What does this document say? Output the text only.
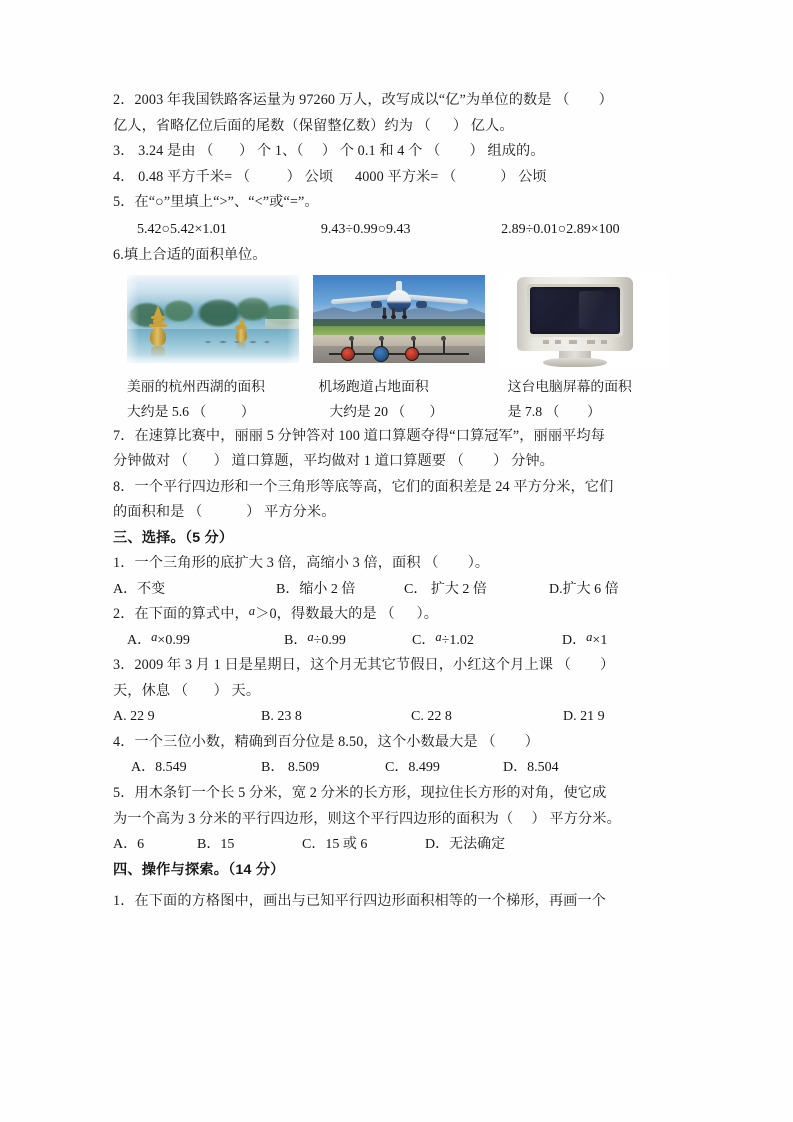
2．2003 年我国铁路客运量为 97260 万人，改写成以“亿”为单位的数是 （        ）
亿人，省略亿位后面的尾数（保留整亿数）约为 （      ） 亿人。
3． 3.24 是由 （       ） 个 1、（     ） 个 0.1 和 4 个 （        ） 组成的。
4． 0.48 平方千米= （          ） 公顷      4000 平方米= （            ） 公顷
5．在“○”里填上“>”、“<”或“=”。
5.42○5.42×1.01	9.43÷0.99○9.43	2.89÷0.01○2.89×100
6.填上合适的面积单位。
美丽的杭州西湖的面积	机场跑道占地面积	这台电脑屏幕的面积
大约是 5.6 （          ）	大约是 20 （       ）	是 7.8 （        ）
7．在速算比赛中，丽丽 5 分钟答对 100 道口算题夺得“口算冠军”，丽丽平均每
分钟做对 （       ） 道口算题，平均做对 1 道口算题要 （        ） 分钟。
8．一个平行四边形和一个三角形等底等高，它们的面积差是 24 平方分米，它们
的面积和是 （            ） 平方分米。
三、选择。（5 分）
1．一个三角形的底扩大 3 倍，高缩小 3 倍，面积 （        ）。
A．不变	B．缩小 2 倍	C． 扩大 2 倍	D.扩大 6 倍
2．在下面的算式中，a＞0，得数最大的是 （      ）。
A．a×0.99	B．a÷0.99	C．a÷1.02	D．a×1
3．2009 年 3 月 1 日是星期日，这个月无其它节假日，小红这个月上课 （        ）
天，休息 （       ） 天。
A. 22 9	B. 23 8	C. 22 8	D. 21 9
4．一个三位小数，精确到百分位是 8.50，这个小数最大是 （        ）
A．8.549	B． 8.509	C．8.499	D．8.504
5．用木条钉一个长 5 分米，宽 2 分米的长方形，现拉住长方形的对角，使它成
为一个高为 3 分米的平行四边形，则这个平行四边形的面积为（     ） 平方分米。
A．6	B．15	C．15 或 6	D．无法确定
四、操作与探索。（14 分）
1．在下面的方格图中，画出与已知平行四边形面积相等的一个梯形，再画一个
